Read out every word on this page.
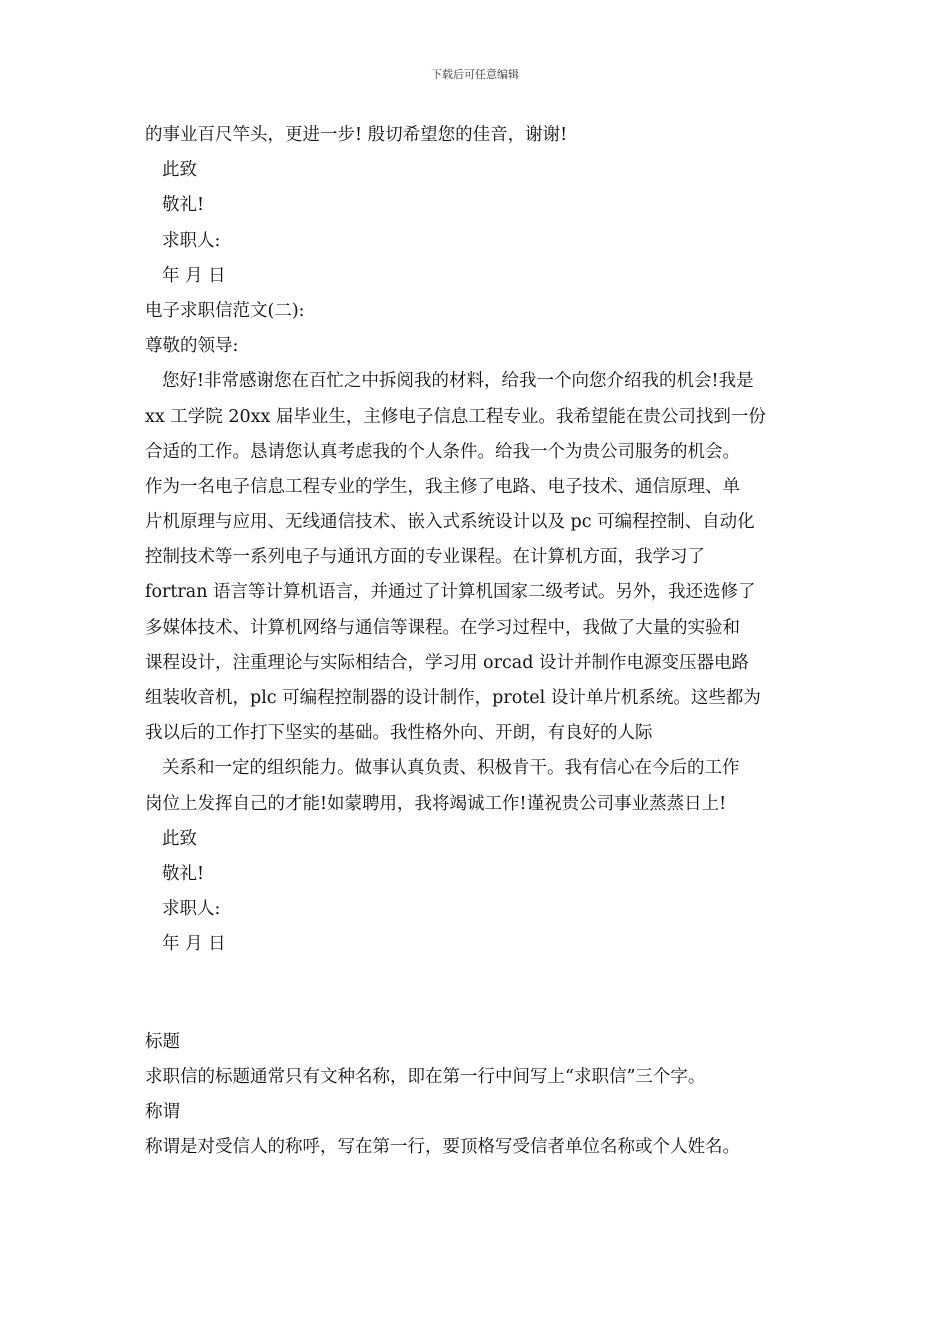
下载后可任意编辑
的事业百尺竿头，更进一步! 殷切希望您的佳音，谢谢!
此致
敬礼!
求职人:
年 月 日
电子求职信范文(二):
尊敬的领导:
您好!非常感谢您在百忙之中拆阅我的材料，给我一个向您介绍我的机会!我是
xx 工学院 20xx 届毕业生，主修电子信息工程专业。我希望能在贵公司找到一份
合适的工作。恳请您认真考虑我的个人条件。给我一个为贵公司服务的机会。
作为一名电子信息工程专业的学生，我主修了电路、电子技术、通信原理、单
片机原理与应用、无线通信技术、嵌入式系统设计以及 pc 可编程控制、自动化
控制技术等一系列电子与通讯方面的专业课程。在计算机方面，我学习了
fortran 语言等计算机语言，并通过了计算机国家二级考试。另外，我还选修了
多媒体技术、计算机网络与通信等课程。在学习过程中，我做了大量的实验和
课程设计，注重理论与实际相结合，学习用 orcad 设计并制作电源变压器电路
组装收音机，plc 可编程控制器的设计制作，protel 设计单片机系统。这些都为
我以后的工作打下坚实的基础。我性格外向、开朗，有良好的人际
关系和一定的组织能力。做事认真负责、积极肯干。我有信心在今后的工作
岗位上发挥自己的才能!如蒙聘用，我将竭诚工作!谨祝贵公司事业蒸蒸日上!
此致
敬礼!
求职人:
年 月 日
标题
求职信的标题通常只有文种名称，即在第一行中间写上“求职信”三个字。
称谓
称谓是对受信人的称呼，写在第一行，要顶格写受信者单位名称或个人姓名。
